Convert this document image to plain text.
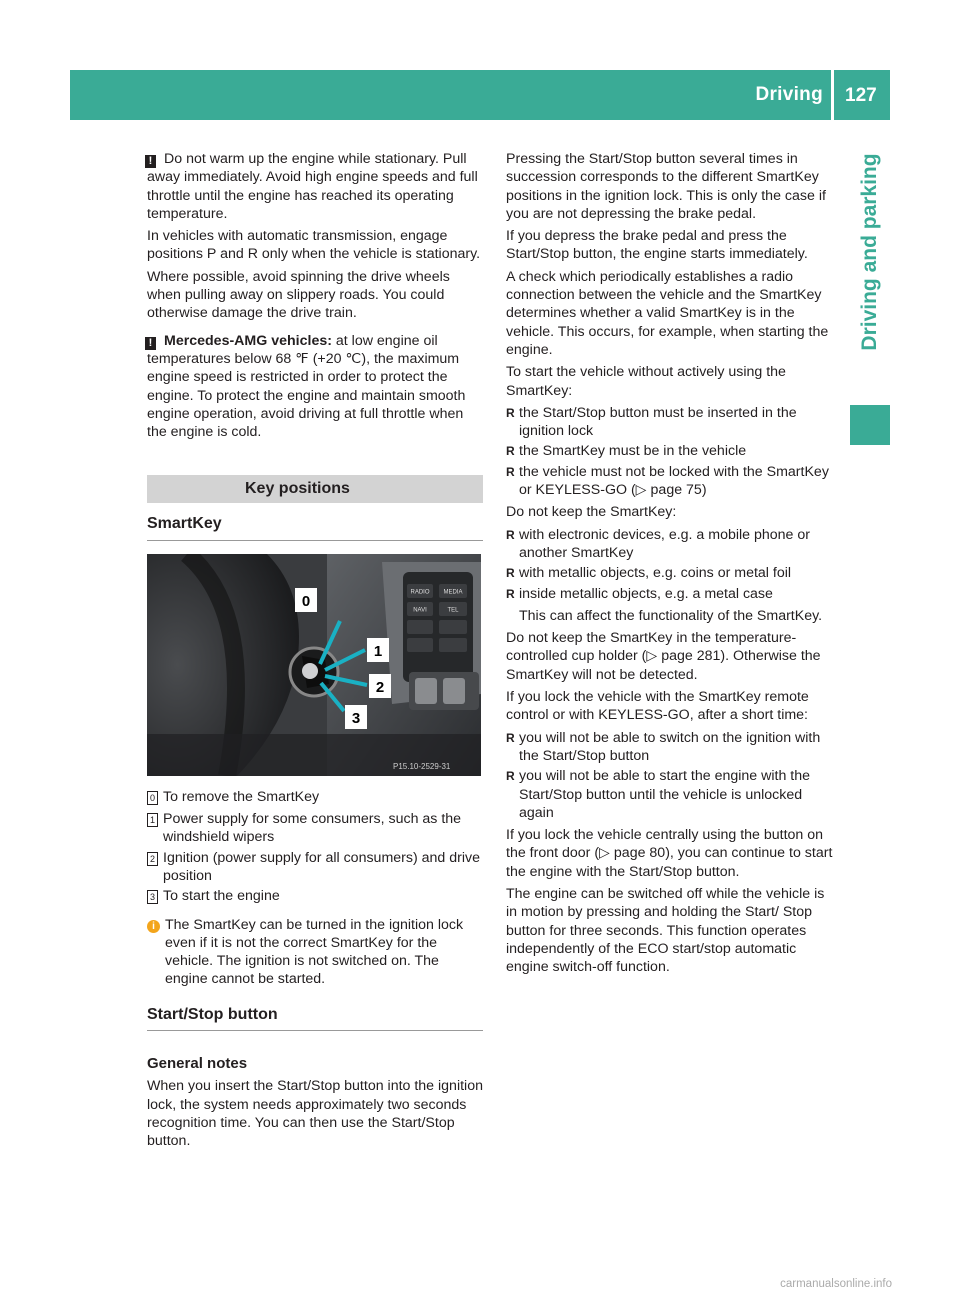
Driving 127
Driving and parking

! Do not warm up the engine while stationary. Pull away immediately. Avoid high engine speeds and full throttle until the engine has reached its operating temperature.

In vehicles with automatic transmission, engage positions P and R only when the vehicle is stationary.

Where possible, avoid spinning the drive wheels when pulling away on slippery roads. You could otherwise damage the drive train.

! Mercedes-AMG vehicles: at low engine oil temperatures below 68 ℉ (+20 ℃), the maximum engine speed is restricted in order to protect the engine. To protect the engine and maintain smooth engine operation, avoid driving at full throttle when the engine is cold.

Key positions
SmartKey
RADIO MEDIA
NAVI	TEL
0
1
2
3
P15.10-2529-31
0 To remove the SmartKey
1 Power supply for some consumers, such as the windshield wipers
2 Ignition (power supply for all consumers) and drive position
3 To start the engine
i The SmartKey can be turned in the ignition lock even if it is not the correct SmartKey for the vehicle. The ignition is not switched on. The engine cannot be started.
Start/Stop button
General notes

When you insert the Start/Stop button into the ignition lock, the system needs approximately two seconds recognition time. You can then use the Start/Stop button.

Pressing the Start/Stop button several times in succession corresponds to the different SmartKey positions in the ignition lock. This is only the case if you are not depressing the brake pedal.

If you depress the brake pedal and press the Start/Stop button, the engine starts immediately.

A check which periodically establishes a radio connection between the vehicle and the SmartKey determines whether a valid SmartKey is in the vehicle. This occurs, for example, when starting the engine.

To start the vehicle without actively using the SmartKey:

R the Start/Stop button must be inserted in the ignition lock
R the SmartKey must be in the vehicle
R the vehicle must not be locked with the SmartKey or KEYLESS-GO (▷ page 75)

Do not keep the SmartKey:

R with electronic devices, e.g. a mobile phone or another SmartKey
R with metallic objects, e.g. coins or metal foil
R inside metallic objects, e.g. a metal case

This can affect the functionality of the SmartKey.

Do not keep the SmartKey in the temperature-controlled cup holder (▷ page 281). Otherwise the SmartKey will not be detected.

If you lock the vehicle with the SmartKey remote control or with KEYLESS-GO, after a short time:

R you will not be able to switch on the ignition with the Start/Stop button
R you will not be able to start the engine with the Start/Stop button until the vehicle is unlocked again

If you lock the vehicle centrally using the button on the front door (▷ page 80), you can continue to start the engine with the Start/Stop button.

The engine can be switched off while the vehicle is in motion by pressing and holding the Start/ Stop button for three seconds. This function operates independently of the ECO start/stop automatic engine switch-off function.

carmanualsonline.info
